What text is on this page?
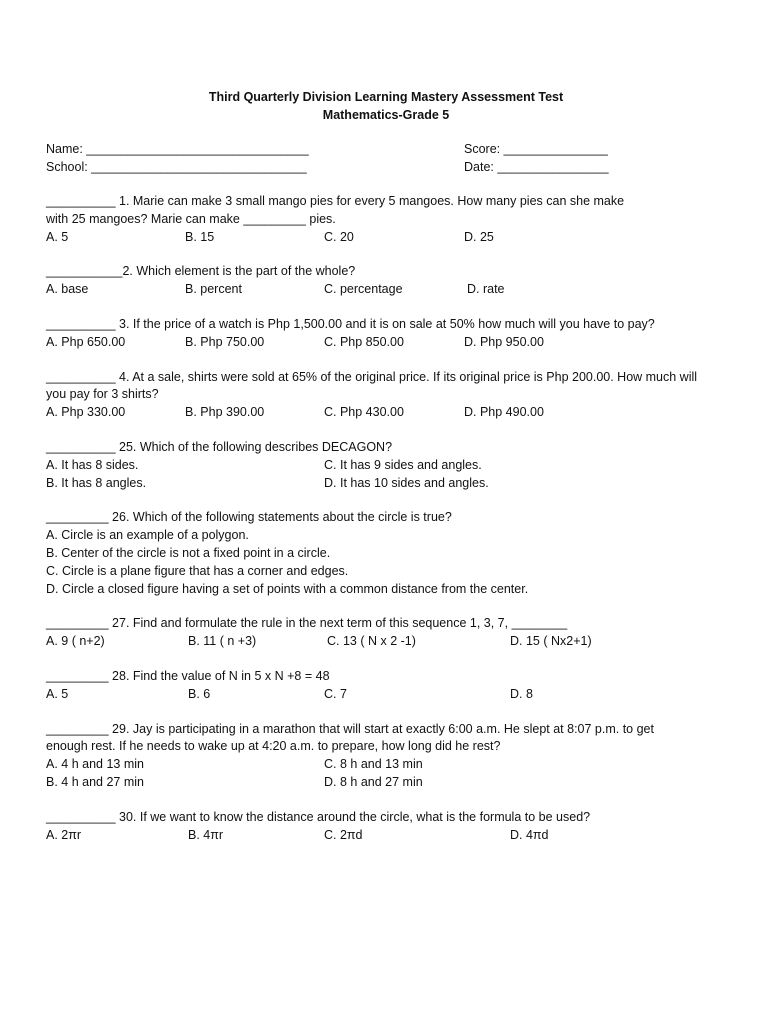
Third Quarterly Division Learning Mastery Assessment Test
Mathematics-Grade 5
Name: ________________________________
School: _______________________________
Score: _______________
Date: ________________

__________ 1. Marie can make 3 small mango pies for every 5 mangoes. How many pies can she make

with 25 mangoes? Marie can make _________ pies.

A. 5	B. 15	C. 20	D. 25

___________2. Which element is the part of the whole?

A. base	B. percent	C. percentage	D. rate

__________ 3. If the price of a watch is Php 1,500.00 and it is on sale at 50% how much will you have to pay?

A. Php 650.00	B. Php 750.00	C. Php 850.00	D. Php 950.00

__________ 4. At a sale, shirts were sold at 65% of the original price. If its original price is Php 200.00. How much will

you pay for 3 shirts?

A. Php 330.00	B. Php 390.00	C. Php 430.00	D. Php 490.00

__________ 25. Which of the following describes DECAGON?

A. It has 8 sides.	C. It has 9 sides and angles.
B. It has 8 angles.	D. It has 10 sides and angles.

_________ 26. Which of the following statements about the circle is true?

A. Circle is an example of a polygon.

B. Center of the circle is not a fixed point in a circle.

C. Circle is a plane figure that has a corner and edges.

D. Circle a closed figure having a set of points with a common distance from the center.

_________ 27. Find and formulate the rule in the next term of this sequence 1, 3, 7, ________

A. 9 ( n+2)	B. 11 ( n +3)	C. 13 ( N x 2 -1)	D. 15 ( Nx2+1)

_________ 28. Find the value of N in 5 x N +8 = 48

A. 5	B. 6	C. 7	D. 8

_________ 29. Jay is participating in a marathon that will start at exactly 6:00 a.m. He slept at 8:07 p.m. to get

enough rest. If he needs to wake up at 4:20 a.m. to prepare, how long did he rest?

A. 4 h and 13 min	C. 8 h and 13 min
B. 4 h and 27 min	D. 8 h and 27 min

__________ 30. If we want to know the distance around the circle, what is the formula to be used?

A. 2πr	B. 4πr	C. 2πd	D. 4πd
